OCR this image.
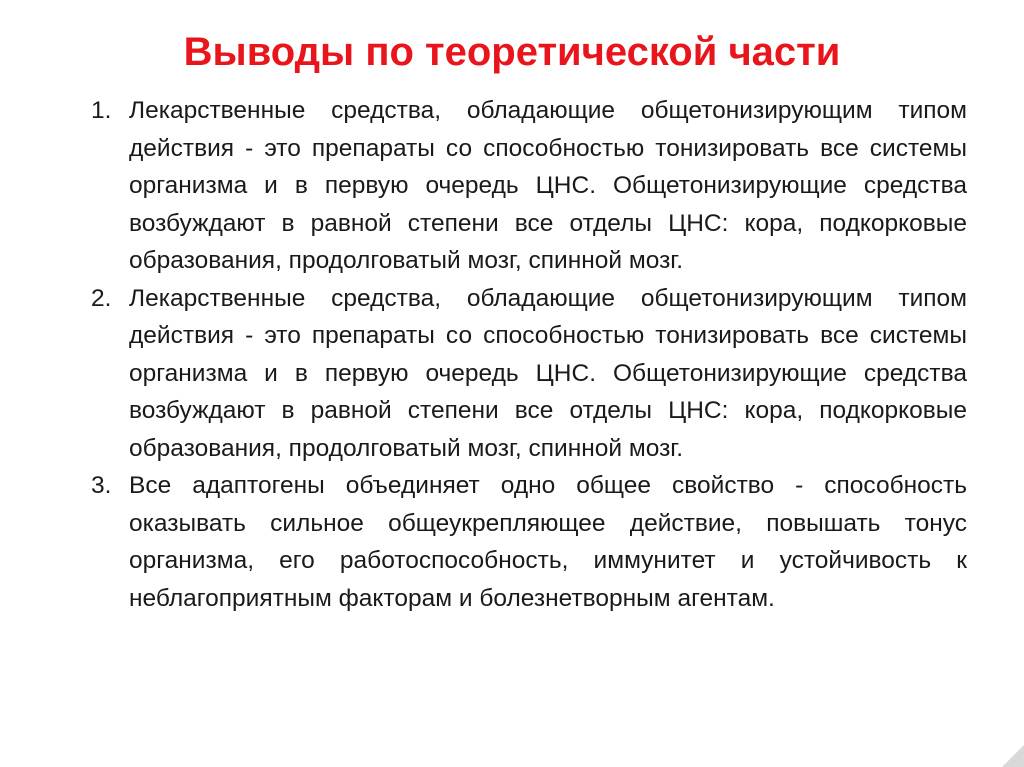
Выводы по теоретической части
1. Лекарственные средства, обладающие общетонизирующим типом действия - это препараты со способностью тонизировать все системы организма и в первую очередь ЦНС. Общетонизирующие средства возбуждают в равной степени все отделы ЦНС: кора, подкорковые образования, продолговатый мозг, спинной мозг.
2. Лекарственные средства, обладающие общетонизирующим типом действия - это препараты со способностью тонизировать все системы организма и в первую очередь ЦНС. Общетонизирующие средства возбуждают в равной степени все отделы ЦНС: кора, подкорковые образования, продолговатый мозг, спинной мозг.
3. Все адаптогены объединяет одно общее свойство - способность оказывать сильное общеукрепляющее действие, повышать тонус организма, его работоспособность, иммунитет и устойчивость к неблагоприятным факторам и болезнетворным агентам.
